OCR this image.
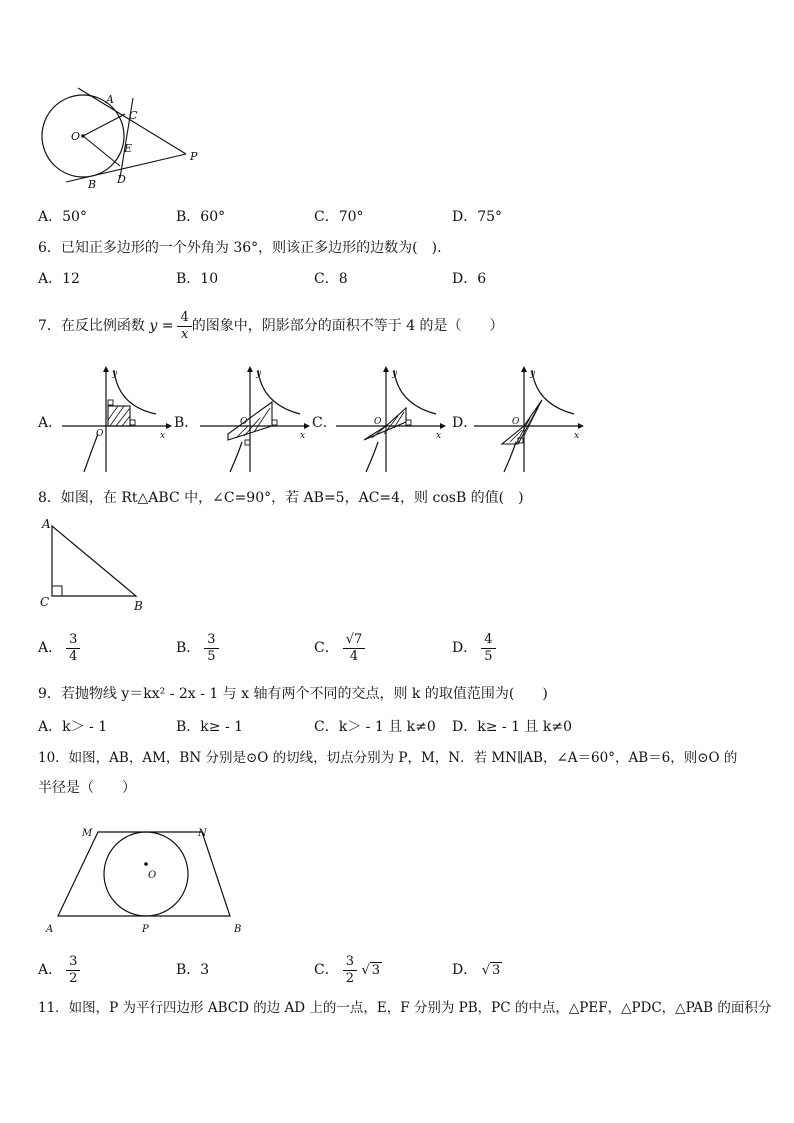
A
C
O
E
P
B D
A．50°	B．60°	C．70°	D．75°
6．已知正多边形的一个外角为 36°，则该正多边形的边数为(　).
A．12	B．10	C．8	D．6
7．在反比例函数 $y = \frac{4}{x}$ 的图象中，阴影部分的面积不等于 4 的是（　　）
A．
y
x
O
B．
y
x
O	C．
y
x
O	D．
y
x
O
8．如图，在 Rt△ABC 中，∠C=90°，若 AB=5，AC=4，则 cosB 的值(　)
A
C	B
A． $\frac{3}{4}$	B． $\frac{3}{5}$	C． $\frac{√7}{4}$	D． $\frac{4}{5}$
9．若抛物线 y＝kx² - 2x - 1 与 x 轴有两个不同的交点，则 k 的取值范围为(　　)
A．k＞ - 1	B．k≥ - 1	C．k＞ - 1 且 k≠0 D．k≥ - 1 且 k≠0
10．如图，AB，AM，BN 分别是⊙O 的切线，切点分别为 P，M，N．若 MN∥AB，∠A＝60°，AB＝6，则⊙O 的
半径是（　　）
M	N
O
A	P	B
A． $\frac{3}{2}$	B．3	C． $\frac{3}{2}$ √ 3	D． √ 3
11．如图，P 为平行四边形 ABCD 的边 AD 上的一点，E，F 分别为 PB，PC 的中点，△PEF，△PDC，△PAB 的面积分
